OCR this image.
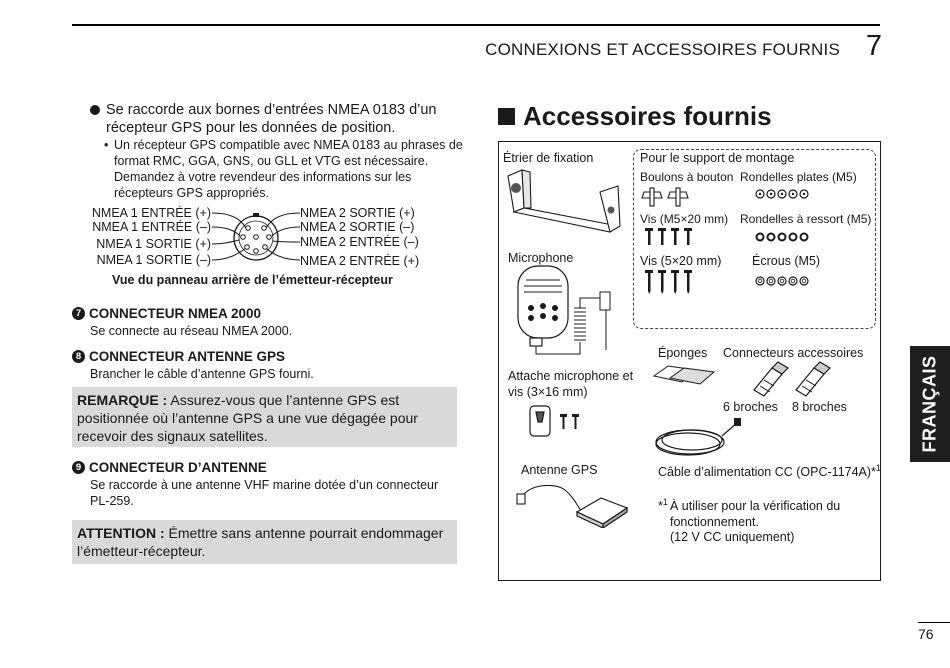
CONNEXIONS ET ACCESSOIRES FOURNIS 7
FRANÇAIS
76
Se raccorde aux bornes d’entrées NMEA 0183 d’un récepteur GPS pour les données de position.
• Un récepteur GPS compatible avec NMEA 0183 au phrases de format RMC, GGA, GNS, ou GLL et VTG est nécessaire. Demandez à votre revendeur des informations sur les récepteurs GPS appropriés.
NMEA 1 ENTRÉE (+)
NMEA 1 ENTRÉE (–)
NMEA 1 SORTIE (+)
NMEA 1 SORTIE (–)
NMEA 2 SORTIE (+)
NMEA 2 SORTIE (–)
NMEA 2 ENTRÉE (–)
NMEA 2 ENTRÉE (+)
Vue du panneau arrière de l’émetteur-récepteur
7 CONNECTEUR NMEA 2000
Se connecte au réseau NMEA 2000.
8 CONNECTEUR ANTENNE GPS
Brancher le câble d’antenne GPS fourni.
REMARQUE : Assurez-vous que l’antenne GPS est positionnée où l’antenne GPS a une vue dégagée pour recevoir des signaux satellites.
9 CONNECTEUR D’ANTENNE
Se raccorde à une antenne VHF marine dotée d’un connecteur PL-259.
ATTENTION : Émettre sans antenne pourrait endommager l’émetteur-récepteur.
Accessoires fournis
Étrier de fixation	Pour le support de montage
Boulons à bouton Rondelles plates (M5)
Vis (M5×20 mm) Rondelles à ressort (M5)
Vis (5×20 mm) Écrous (M5)
Microphone
Éponges Connecteurs accessoires
6 broches 8 broches
Attache microphone et vis (3×16 mm)
Antenne GPS	Câble d’alimentation CC (OPC-1174A)*$^1$
*$^1$ À utiliser pour la vérification du fonctionnement.
(12 V CC uniquement)
